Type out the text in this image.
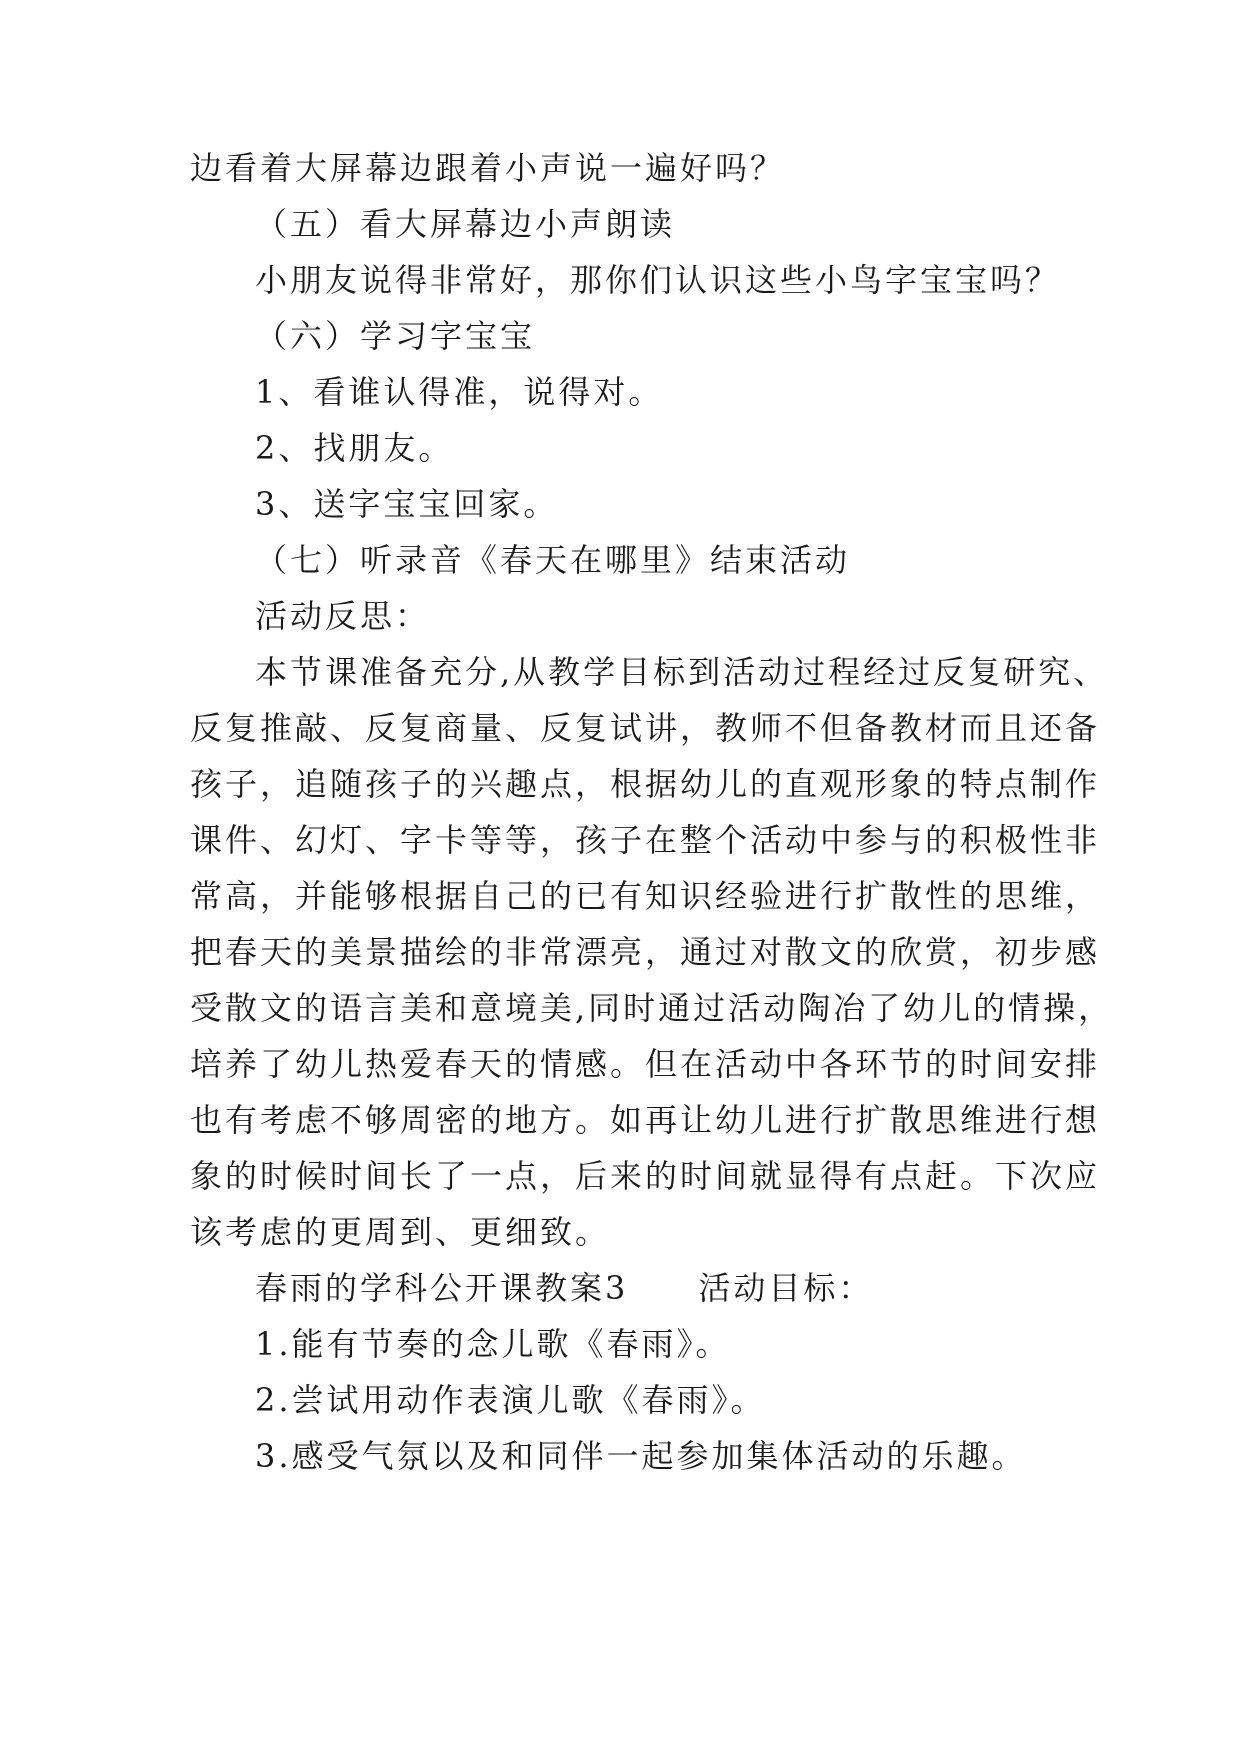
边看着大屏幕边跟着小声说一遍好吗？
（五）看大屏幕边小声朗读
小朋友说得非常好，那你们认识这些小鸟字宝宝吗？
（六）学习字宝宝
1、看谁认得准，说得对。
2、找朋友。
3、送字宝宝回家。
（七）听录音《春天在哪里》结束活动
活动反思：
本节课准备充分,从教学目标到活动过程经过反复研究、
反复推敲、反复商量、反复试讲，教师不但备教材而且还备
孩子，追随孩子的兴趣点，根据幼儿的直观形象的特点制作
课件、幻灯、字卡等等，孩子在整个活动中参与的积极性非
常高，并能够根据自己的已有知识经验进行扩散性的思维，
把春天的美景描绘的非常漂亮，通过对散文的欣赏，初步感
受散文的语言美和意境美,同时通过活动陶冶了幼儿的情操，
培养了幼儿热爱春天的情感。但在活动中各环节的时间安排
也有考虑不够周密的地方。如再让幼儿进行扩散思维进行想
象的时候时间长了一点，后来的时间就显得有点赶。下次应
该考虑的更周到、更细致。
春雨的学科公开课教案3　　活动目标：
1.能有节奏的念儿歌《春雨》。
2.尝试用动作表演儿歌《春雨》。
3.感受气氛以及和同伴一起参加集体活动的乐趣。
